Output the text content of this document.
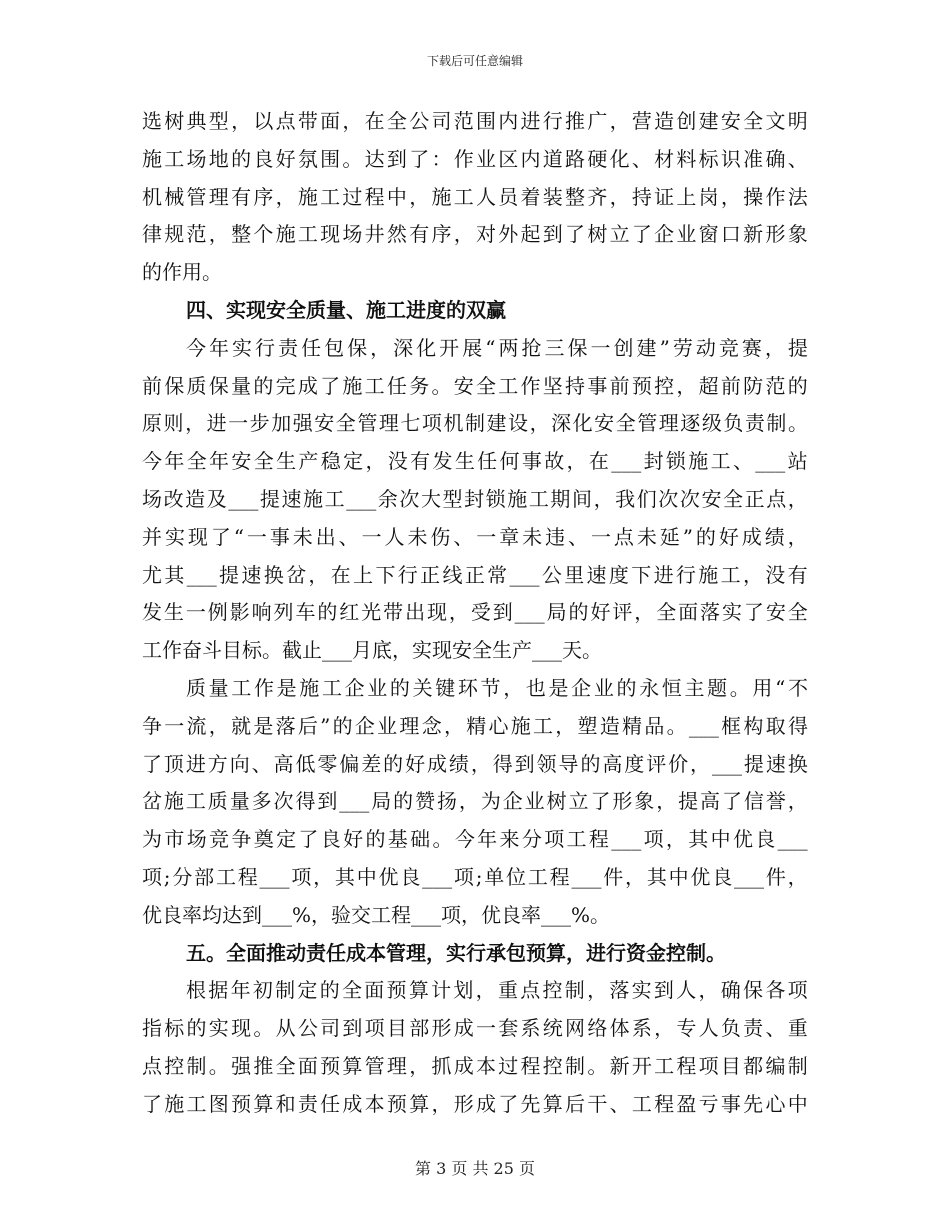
下载后可任意编辑
选 树 典 型 ， 以 点 带 面 ， 在 全 公 司 范 围 内 进 行 推 广 ， 营 造 创 建 安 全 文 明
施 工 场 地 的 良 好 氛 围 。 达 到 了 ： 作 业 区 内 道 路 硬 化 、 材 料 标 识 准 确 、
机 械 管 理 有 序 ， 施 工 过 程 中 ， 施 工 人 员 着 装 整 齐 ， 持 证 上 岗 ， 操 作 法
律 规 范 ， 整 个 施 工 现 场 井 然 有 序 ， 对 外 起 到 了 树 立 了 企 业 窗 口 新 形 象
的作用。
四、实现安全质量、施工进度的双赢
今 年 实 行 责 任 包 保 ， 深 化 开 展 “ 两 抢 三 保 一 创 建 ” 劳 动 竞 赛 ， 提
前 保 质 保 量 的 完 成 了 施 工 任 务 。 安 全 工 作 坚 持 事 前 预 控 ， 超 前 防 范 的
原 则 ， 进 一 步 加 强 安 全 管 理 七 项 机 制 建 设 ， 深 化 安 全 管 理 逐 级 负 责 制 。
今 年 全 年 安 全 生 产 稳 定 ， 没 有 发 生 任 何 事 故 ， 在 ___ 封 锁 施 工 、 ___ 站
场 改 造 及 ___ 提 速 施 工 ___ 余 次 大 型 封 锁 施 工 期 间 ， 我 们 次 次 安 全 正 点 ，
并 实 现 了 “ 一 事 未 出 、 一 人 未 伤 、 一 章 未 违 、 一 点 未 延 ” 的 好 成 绩 ，
尤 其 ___ 提 速 换 岔 ， 在 上 下 行 正 线 正 常 ___ 公 里 速 度 下 进 行 施 工 ， 没 有
发 生 一 例 影 响 列 车 的 红 光 带 出 现 ， 受 到 ___ 局 的 好 评 ， 全 面 落 实 了 安 全
工作奋斗目标。截止___月底，实现安全生产___天。
质 量 工 作 是 施 工 企 业 的 关 键 环 节 ， 也 是 企 业 的 永 恒 主 题 。 用 “ 不
争 一 流 ， 就 是 落 后 ” 的 企 业 理 念 ， 精 心 施 工 ， 塑 造 精 品 。 ___ 框 构 取 得
了 顶 进 方 向 、 高 低 零 偏 差 的 好 成 绩 ， 得 到 领 导 的 高 度 评 价 ， ___ 提 速 换
岔 施 工 质 量 多 次 得 到 ___ 局 的 赞 扬 ， 为 企 业 树 立 了 形 象 ， 提 高 了 信 誉 ，
为 市 场 竞 争 奠 定 了 良 好 的 基 础 。 今 年 来 分 项 工 程 ___ 项 ， 其 中 优 良 ___
项 ; 分 部 工 程 ___ 项 ， 其 中 优 良 ___ 项 ; 单 位 工 程 ___ 件 ， 其 中 优 良 ___ 件 ，
优良率均达到___%，验交工程___项，优良率___%。
五。全面推动责任成本管理，实行承包预算，进行资金控制。
根 据 年 初 制 定 的 全 面 预 算 计 划 ， 重 点 控 制 ， 落 实 到 人 ， 确 保 各 项
指 标 的 实 现 。 从 公 司 到 项 目 部 形 成 一 套 系 统 网 络 体 系 ， 专 人 负 责 、 重
点 控 制 。 强 推 全 面 预 算 管 理 ， 抓 成 本 过 程 控 制 。 新 开 工 程 项 目 都 编 制
了 施 工 图 预 算 和 责 任 成 本 预 算 ， 形 成 了 先 算 后 干 、 工 程 盈 亏 事 先 心 中
第 3 页 共 25 页
